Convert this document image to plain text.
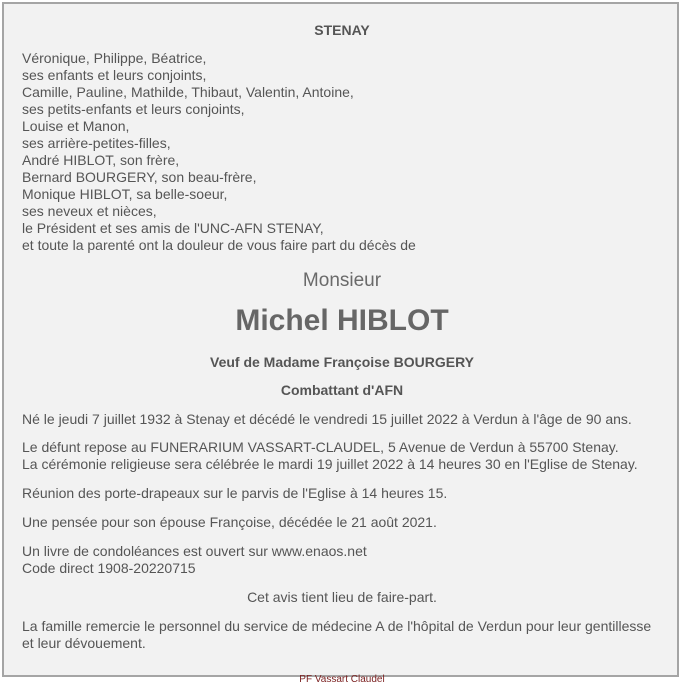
STENAY
Véronique, Philippe, Béatrice,
ses enfants et leurs conjoints,
Camille, Pauline, Mathilde, Thibaut, Valentin, Antoine,
ses petits-enfants et leurs conjoints,
Louise et Manon,
ses arrière-petites-filles,
André HIBLOT, son frère,
Bernard BOURGERY, son beau-frère,
Monique HIBLOT, sa belle-soeur,
ses neveux et nièces,
le Président et ses amis de l'UNC-AFN STENAY,
et toute la parenté ont la douleur de vous faire part du décès de
Monsieur
Michel HIBLOT
Veuf de Madame Françoise BOURGERY
Combattant d'AFN
Né le jeudi 7 juillet 1932 à Stenay et décédé le vendredi 15 juillet 2022 à Verdun à l'âge de 90 ans.
Le défunt repose au FUNERARIUM VASSART-CLAUDEL, 5 Avenue de Verdun à 55700 Stenay.
La cérémonie religieuse sera célébrée le mardi 19 juillet 2022 à 14 heures 30 en l'Eglise de Stenay.
Réunion des porte-drapeaux sur le parvis de l'Eglise à 14 heures 15.
Une pensée pour son épouse Françoise, décédée le 21 août 2021.
Un livre de condoléances est ouvert sur www.enaos.net
Code direct 1908-20220715
Cet avis tient lieu de faire-part.
La famille remercie le personnel du service de médecine A de l'hôpital de Verdun pour leur gentillesse et leur dévouement.
PF Vassart Claudel
